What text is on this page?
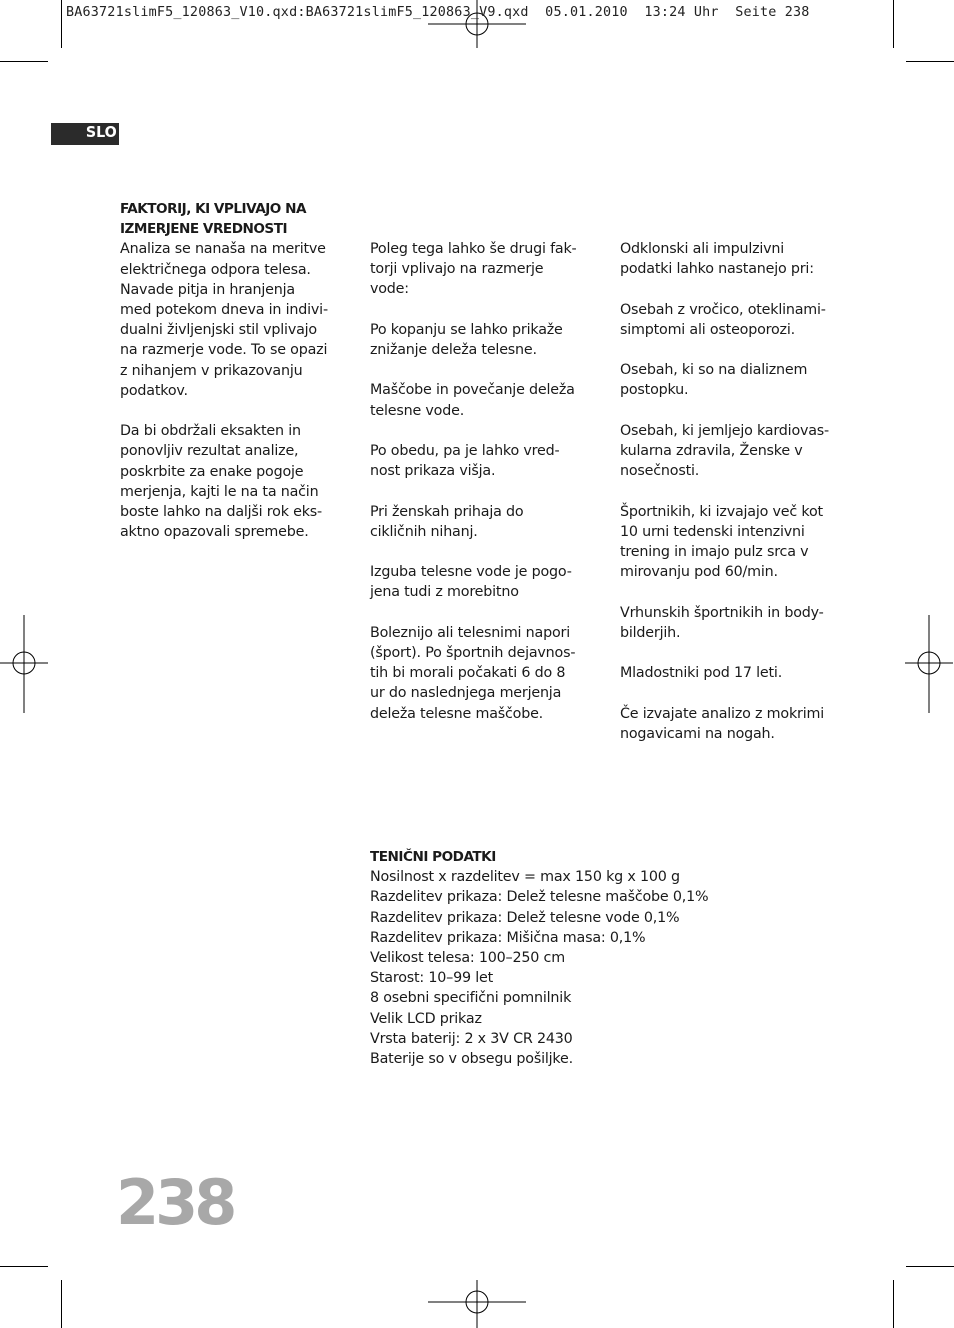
BA63721slimF5_120863_V10.qxd:BA63721slimF5_120863_V9.qxd  05.01.2010  13:24 Uhr  Seite 238
SLO
FAKTORIJ, KI VPLIVAJO NA
IZMERJENE VREDNOSTI

Analiza se nanaša na meritve
električnega odpora telesa.
Navade pitja in hranjenja
med potekom dneva in indivi-
dualni življenjski stil vplivajo
na razmerje vode. To se opazi
z nihanjem v prikazovanju
podatkov.

Da bi obdržali eksakten in
ponovljiv rezultat analize,
poskrbite za enake pogoje
merjenja, kajti le na ta način
boste lahko na daljši rok eks-
aktno opazovali spremebe.

Poleg tega lahko še drugi fak-
torji vplivajo na razmerje
vode:

Po kopanju se lahko prikaže
znižanje deleža telesne.

Maščobe in povečanje deleža
telesne vode.

Po obedu, pa je lahko vred-
nost prikaza višja.

Pri ženskah prihaja do
cikličnih nihanj.

Izguba telesne vode je pogo-
jena tudi z morebitno

Boleznijo ali telesnimi napori
(šport). Po športnih dejavnos-
tih bi morali počakati 6 do 8
ur do naslednjega merjenja
deleža telesne maščobe.

Odklonski ali impulzivni
podatki lahko nastanejo pri:

Osebah z vročico, oteklinami-
simptomi ali osteoporozi.

Osebah, ki so na dializnem
postopku.

Osebah, ki jemljejo kardiovas-
kularna zdravila, Ženske v
nosečnosti.

Športnikih, ki izvajajo več kot
10 urni tedenski intenzivni
trening in imajo pulz srca v
mirovanju pod 60/min.

Vrhunskih športnikih in body-
bilderjih.

Mladostniki pod 17 leti.

Če izvajate analizo z mokrimi
nogavicami na nogah.

TENIČNI PODATKI
Nosilnost x razdelitev = max 150 kg x 100 g
Razdelitev prikaza: Delež telesne maščobe 0,1%
Razdelitev prikaza: Delež telesne vode 0,1%
Razdelitev prikaza: Mišična masa: 0,1%
Velikost telesa: 100–250 cm
Starost: 10–99 let
8 osebni specifični pomnilnik
Velik LCD prikaz
Vrsta baterij: 2 x 3V CR 2430
Baterije so v obsegu pošiljke.
238
